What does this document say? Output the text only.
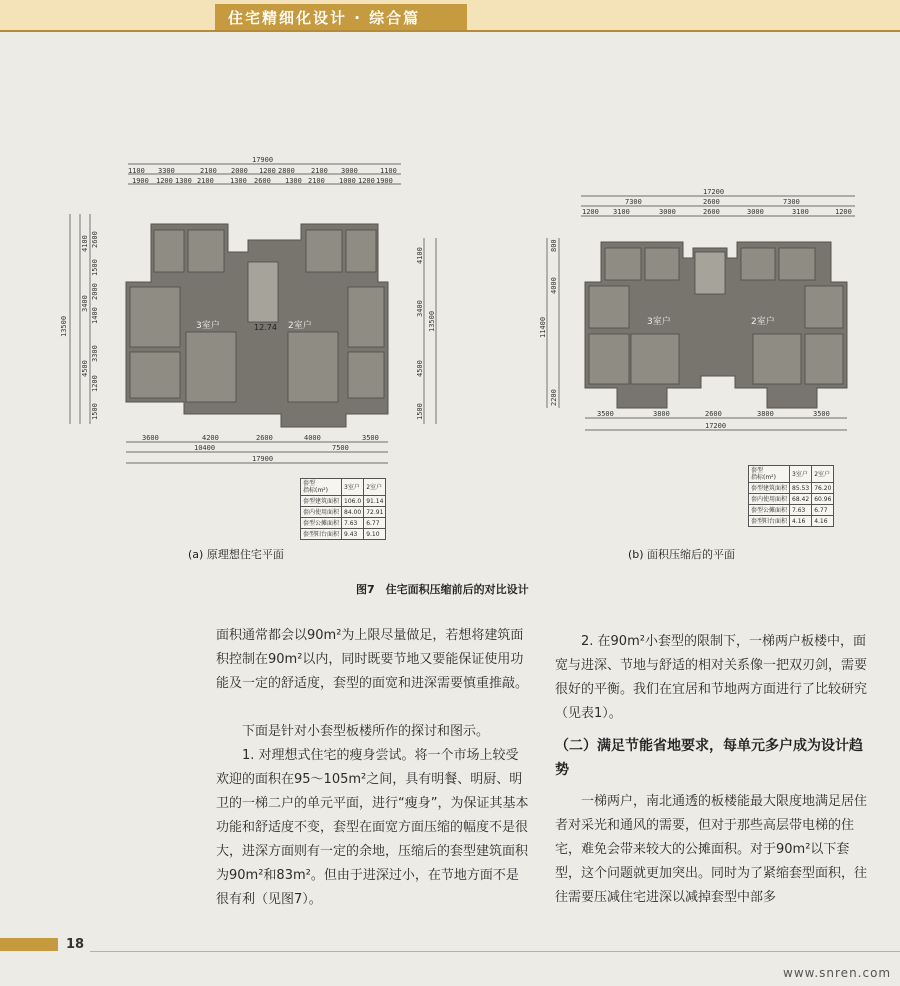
住宅精细化设计 · 综合篇
17900
1100 3300	2100 2000 1200 2800 2100 3000	1100
1900 1200 1300 2100 1300 2600 1300 2100 1000 1200 1900
13500
2600
4100
1500
2000
3400
1400
3300
4500
1200
1500
4100
3400
13500
4500
1500
3室户	2室户
12.74
3600	4200	2600	4000	3500
10400	7500
17900
套型
指标(m²)	3室户	2室户
套型建筑面积	106.0	91.14
套内使用面积	84.00	72.91
套型公摊面积	7.63	6.77
套型阳台面积	9.43	9.10
17200
7300	2600	7300
1200 3100	3000	2600	3000	3100	1200
800
4000
11400
2200
3室户	2室户
3500	3800	2600	3800	3500
17200
套型
指标(m²)	3室户	2室户
套型建筑面积	85.53	76.20
套内使用面积	68.42	60.96
套型公摊面积	7.63	6.77
套型阳台面积	4.16	4.16
(a) 原理想住宅平面	(b) 面积压缩后的平面
图7　住宅面积压缩前后的对比设计

面积通常都会以90m²为上限尽量做足，若想将建筑面积控制在90m²以内，同时既要节地又要能保证使用功能及一定的舒适度，套型的面宽和进深需要慎重推敲。

下面是针对小套型板楼所作的探讨和图示。

1. 对理想式住宅的瘦身尝试。将一个市场上较受欢迎的面积在95～105m²之间，具有明餐、明厨、明卫的一梯二户的单元平面，进行“瘦身”，为保证其基本功能和舒适度不变，套型在面宽方面压缩的幅度不是很大，进深方面则有一定的余地，压缩后的套型建筑面积为90m²和83m²。但由于进深过小，在节地方面不是很有利（见图7）。

2. 在90m²小套型的限制下，一梯两户板楼中，面宽与进深、节地与舒适的相对关系像一把双刃剑，需要很好的平衡。我们在宜居和节地两方面进行了比较研究（见表1）。

（二）满足节能省地要求，每单元多户成为设计趋势

一梯两户，南北通透的板楼能最大限度地满足居住者对采光和通风的需要，但对于那些高层带电梯的住宅，难免会带来较大的公摊面积。对于90m²以下套型，这个问题就更加突出。同时为了紧缩套型面积，往往需要压减住宅进深以减掉套型中部多

18
www.snren.com
